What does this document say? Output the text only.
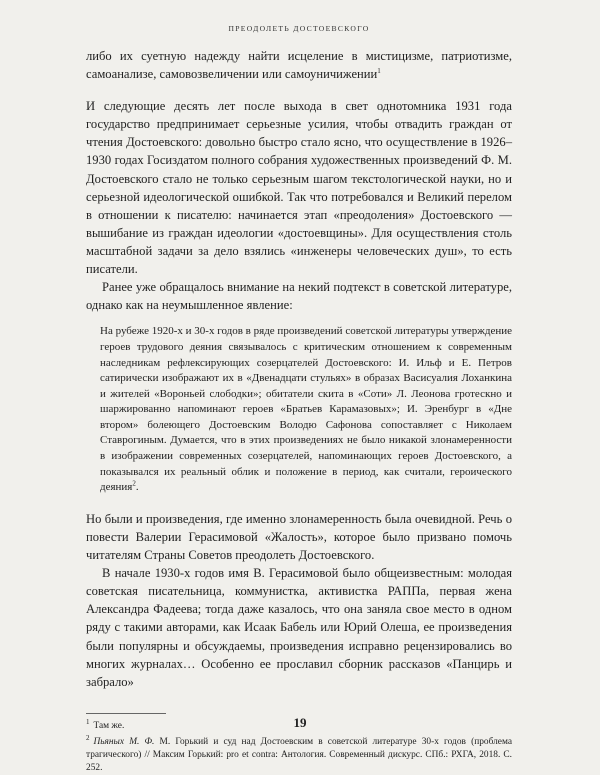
ПРЕОДОЛЕТЬ ДОСТОЕВСКОГО

либо их суетную надежду найти исцеление в мистицизме, патриотизме, самоанализе, самовозвеличении или самоуничижении$^1$

И следующие десять лет после выхода в свет однотомника 1931 года государство предпринимает серьезные усилия, чтобы отвадить граждан от чтения Достоевского: довольно быстро стало ясно, что осуществление в 1926–1930 годах Госиздатом полного собрания художественных произведений Ф. М. Достоевского стало не только серьезным шагом текстологической науки, но и серьезной идеологической ошибкой. Так что потребовался и Великий перелом в отношении к писателю: начинается этап «преодоления» Достоевского — вышибание из граждан идеологии «достоевщины». Для осуществления столь масштабной задачи за дело взялись «инженеры человеческих душ», то есть писатели.

Ранее уже обращалось внимание на некий подтекст в советской литературе, однако как на неумышленное явление:

На рубеже 1920-х и 30-х годов в ряде произведений советской литературы утверждение героев трудового деяния связывалось с критическим отношением к современным наследникам рефлексирующих созерцателей Достоевского: И. Ильф и Е. Петров сатирически изображают их в «Двенадцати стульях» в образах Васисуалия Лоханкина и жителей «Вороньей слободки»; обитатели скита в «Соти» Л. Леонова гротескно и шаржированно напоминают героев «Братьев Карамазовых»; И. Эренбург в «Дне втором» болеющего Достоевским Володю Сафонова сопоставляет с Николаем Ставрогиным. Думается, что в этих произведениях не было никакой злонамеренности в изображении современных созерцателей, напоминающих героев Достоевского, а показывался их реальный облик и положение в период, как считали, героического деяния$^2$.

Но были и произведения, где именно злонамеренность была очевидной. Речь о повести Валерии Герасимовой «Жалость», которое было призвано помочь читателям Страны Советов преодолеть Достоевского.

В начале 1930-х годов имя В. Герасимовой было общеизвестным: молодая советская писательница, коммунистка, активистка РАППа, первая жена Александра Фадеева; тогда даже казалось, что она заняла свое место в одном ряду с такими авторами, как Исаак Бабель или Юрий Олеша, ее произведения были популярны и обсуждаемы, произведения исправно рецензировались во многих журналах… Особенно ее прославил сборник рассказов «Панцирь и забрало»

$^1$ Там же.

$^2$ Пьяных М. Ф. М. Горький и суд над Достоевским в советской литературе 30-х годов (проблема трагического) // Максим Горький: pro et contra: Антология. Современный дискурс. СПб.: РХГА, 2018. С. 252.

19
